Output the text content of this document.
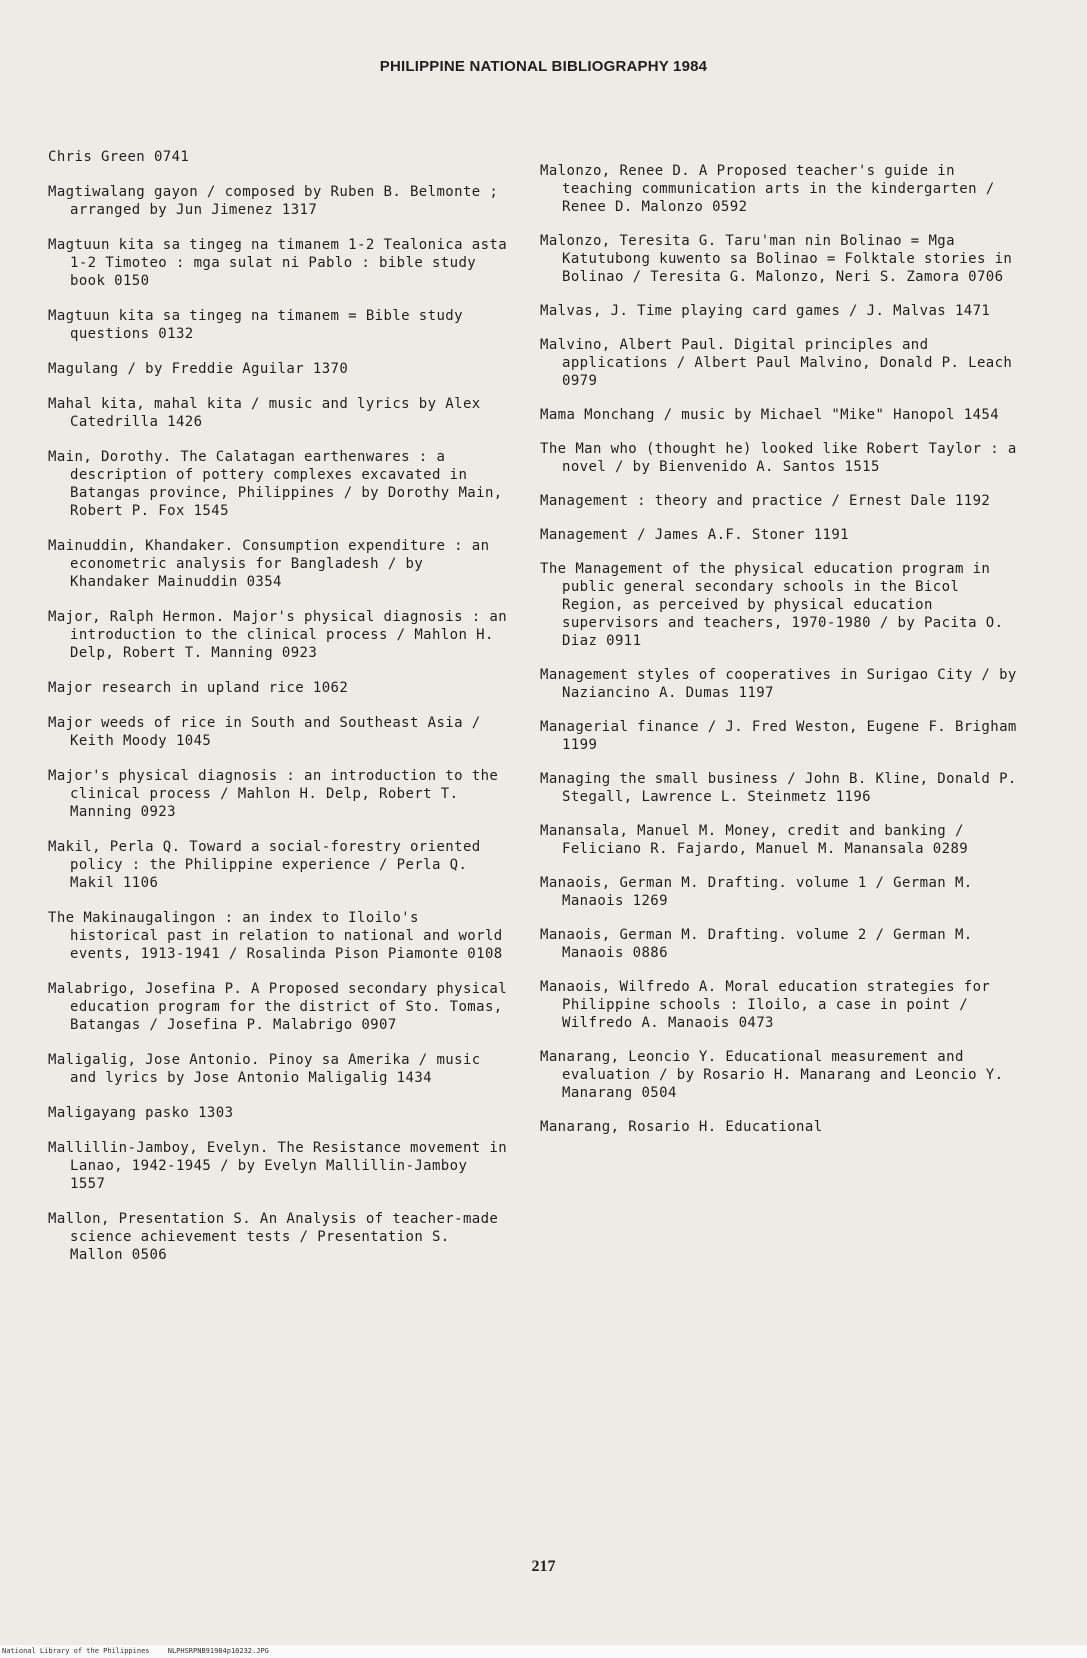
PHILIPPINE NATIONAL BIBLIOGRAPHY 1984
Chris Green 0741
Magtiwalang gayon / composed by Ruben B. Belmonte ; arranged by Jun Jimenez 1317
Magtuun kita sa tingeg na timanem 1-2 Tealonica asta 1-2 Timoteo : mga sulat ni Pablo : bible study book 0150
Magtuun kita sa tingeg na timanem = Bible study questions 0132
Magulang / by Freddie Aguilar 1370
Mahal kita, mahal kita / music and lyrics by Alex Catedrilla 1426
Main, Dorothy. The Calatagan earthenwares : a description of pottery complexes excavated in Batangas province, Philippines / by Dorothy Main, Robert P. Fox 1545
Mainuddin, Khandaker. Consumption expenditure : an econometric analysis for Bangladesh / by Khandaker Mainuddin 0354
Major, Ralph Hermon. Major's physical diagnosis : an introduction to the clinical process / Mahlon H. Delp, Robert T. Manning 0923
Major research in upland rice 1062
Major weeds of rice in South and Southeast Asia / Keith Moody 1045
Major's physical diagnosis : an introduction to the clinical process / Mahlon H. Delp, Robert T. Manning 0923
Makil, Perla Q. Toward a social-forestry oriented policy : the Philippine experience / Perla Q. Makil 1106
The Makinaugalingon : an index to Iloilo's historical past in relation to national and world events, 1913-1941 / Rosalinda Pison Piamonte 0108
Malabrigo, Josefina P. A Proposed secondary physical education program for the district of Sto. Tomas, Batangas / Josefina P. Malabrigo 0907
Maligalig, Jose Antonio. Pinoy sa Amerika / music and lyrics by Jose Antonio Maligalig 1434
Maligayang pasko 1303
Mallillin-Jamboy, Evelyn. The Resistance movement in Lanao, 1942-1945 / by Evelyn Mallillin-Jamboy 1557
Mallon, Presentation S. An Analysis of teacher-made science achievement tests / Presentation S. Mallon 0506
Malonzo, Renee D. A Proposed teacher's guide in teaching communication arts in the kindergarten / Renee D. Malonzo 0592
Malonzo, Teresita G. Taru'man nin Bolinao = Mga Katutubong kuwento sa Bolinao = Folktale stories in Bolinao / Teresita G. Malonzo, Neri S. Zamora 0706
Malvas, J. Time playing card games / J. Malvas 1471
Malvino, Albert Paul. Digital principles and applications / Albert Paul Malvino, Donald P. Leach 0979
Mama Monchang / music by Michael "Mike" Hanopol 1454
The Man who (thought he) looked like Robert Taylor : a novel / by Bienvenido A. Santos 1515
Management : theory and practice / Ernest Dale 1192
Management / James A.F. Stoner 1191
The Management of the physical education program in public general secondary schools in the Bicol Region, as perceived by physical education supervisors and teachers, 1970-1980 / by Pacita O. Diaz 0911
Management styles of cooperatives in Surigao City / by Naziancino A. Dumas 1197
Managerial finance / J. Fred Weston, Eugene F. Brigham 1199
Managing the small business / John B. Kline, Donald P. Stegall, Lawrence L. Steinmetz 1196
Manansala, Manuel M. Money, credit and banking / Feliciano R. Fajardo, Manuel M. Manansala 0289
Manaois, German M. Drafting. volume 1 / German M. Manaois 1269
Manaois, German M. Drafting. volume 2 / German M. Manaois 0886
Manaois, Wilfredo A. Moral education strategies for Philippine schools : Iloilo, a case in point / Wilfredo A. Manaois 0473
Manarang, Leoncio Y. Educational measurement and evaluation / by Rosario H. Manarang and Leoncio Y. Manarang 0504
Manarang, Rosario H. Educational
217
National Library of the Philippines	NLPHSRPNB91984p10232.JPG
